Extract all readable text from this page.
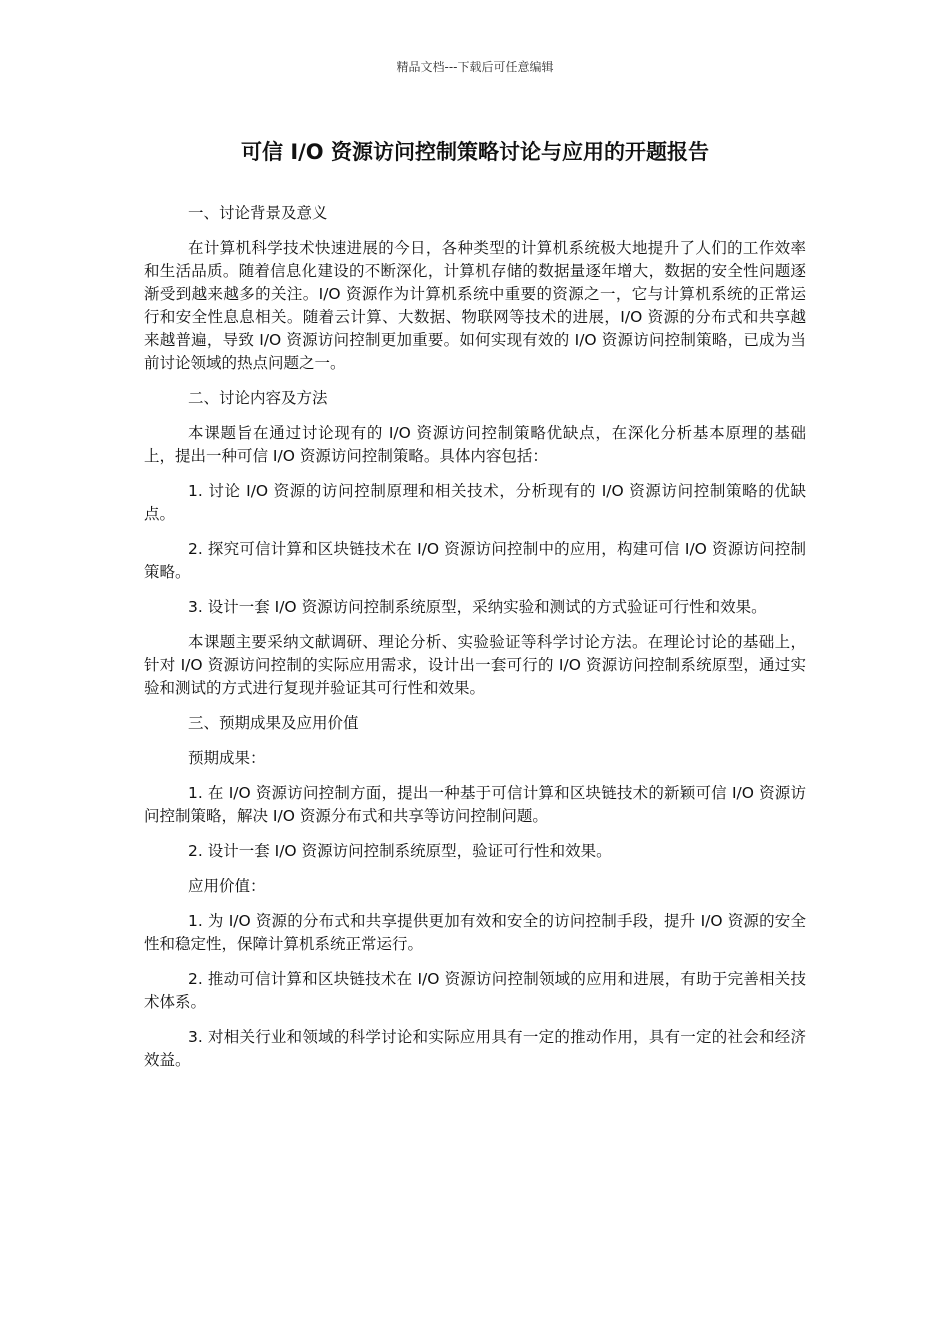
精品文档---下载后可任意编辑
可信 I/O 资源访问控制策略讨论与应用的开题报告

一、讨论背景及意义

在计算机科学技术快速进展的今日，各种类型的计算机系统极大地提升了人们的工作效率和生活品质。随着信息化建设的不断深化，计算机存储的数据量逐年增大，数据的安全性问题逐渐受到越来越多的关注。I/O 资源作为计算机系统中重要的资源之一，它与计算机系统的正常运行和安全性息息相关。随着云计算、大数据、物联网等技术的进展，I/O 资源的分布式和共享越来越普遍，导致 I/O 资源访问控制更加重要。如何实现有效的 I/O 资源访问控制策略，已成为当前讨论领域的热点问题之一。

二、讨论内容及方法

本课题旨在通过讨论现有的 I/O 资源访问控制策略优缺点，在深化分析基本原理的基础上，提出一种可信 I/O 资源访问控制策略。具体内容包括：

1. 讨论 I/O 资源的访问控制原理和相关技术，分析现有的 I/O 资源访问控制策略的优缺点。

2. 探究可信计算和区块链技术在 I/O 资源访问控制中的应用，构建可信 I/O 资源访问控制策略。

3. 设计一套 I/O 资源访问控制系统原型，采纳实验和测试的方式验证可行性和效果。

本课题主要采纳文献调研、理论分析、实验验证等科学讨论方法。在理论讨论的基础上，针对 I/O 资源访问控制的实际应用需求，设计出一套可行的 I/O 资源访问控制系统原型，通过实验和测试的方式进行复现并验证其可行性和效果。

三、预期成果及应用价值

预期成果：

1. 在 I/O 资源访问控制方面，提出一种基于可信计算和区块链技术的新颖可信 I/O 资源访问控制策略，解决 I/O 资源分布式和共享等访问控制问题。

2. 设计一套 I/O 资源访问控制系统原型，验证可行性和效果。

应用价值：

1. 为 I/O 资源的分布式和共享提供更加有效和安全的访问控制手段，提升 I/O 资源的安全性和稳定性，保障计算机系统正常运行。

2. 推动可信计算和区块链技术在 I/O 资源访问控制领域的应用和进展，有助于完善相关技术体系。

3. 对相关行业和领域的科学讨论和实际应用具有一定的推动作用，具有一定的社会和经济效益。
